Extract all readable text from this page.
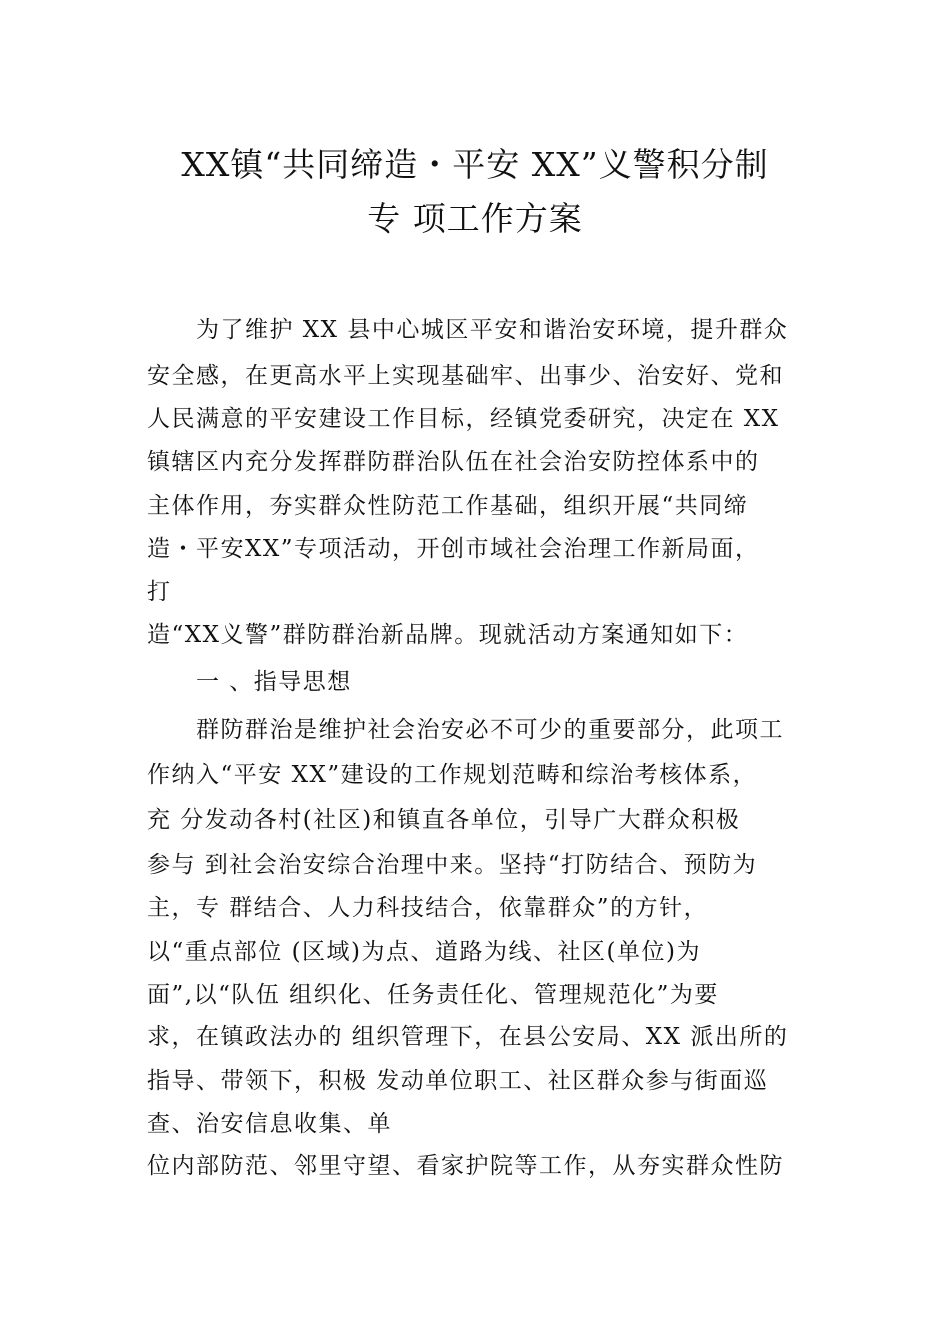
XX镇“共同缔造・平安 XX”义警积分制
专 项工作方案

　　为了维护 XX 县中心城区平安和谐治安环境，提升群众

安全感，在更高水平上实现基础牢、出事少、治安好、党和

人民满意的平安建设工作目标，经镇党委研究，决定在 XX

镇辖区内充分发挥群防群治队伍在社会治安防控体系中的

主体作用，夯实群众性防范工作基础，组织开展“共同缔

造・平安XX”专项活动，开创市域社会治理工作新局面，

打

造“XX义警”群防群治新品牌。现就活动方案通知如下：

　　一 、指导思想

　　群防群治是维护社会治安必不可少的重要部分，此项工

作纳入“平安 XX”建设的工作规划范畴和综治考核体系，

充 分发动各村(社区)和镇直各单位，引导广大群众积极

参与 到社会治安综合治理中来。坚持“打防结合、预防为

主，专 群结合、人力科技结合，依靠群众”的方针，

以“重点部位 (区域)为点、道路为线、社区(单位)为

面”,以“队伍 组织化、任务责任化、管理规范化”为要

求，在镇政法办的 组织管理下，在县公安局、XX 派出所的

指导、带领下，积极 发动单位职工、社区群众参与街面巡

查、治安信息收集、单

位内部防范、邻里守望、看家护院等工作，从夯实群众性防
